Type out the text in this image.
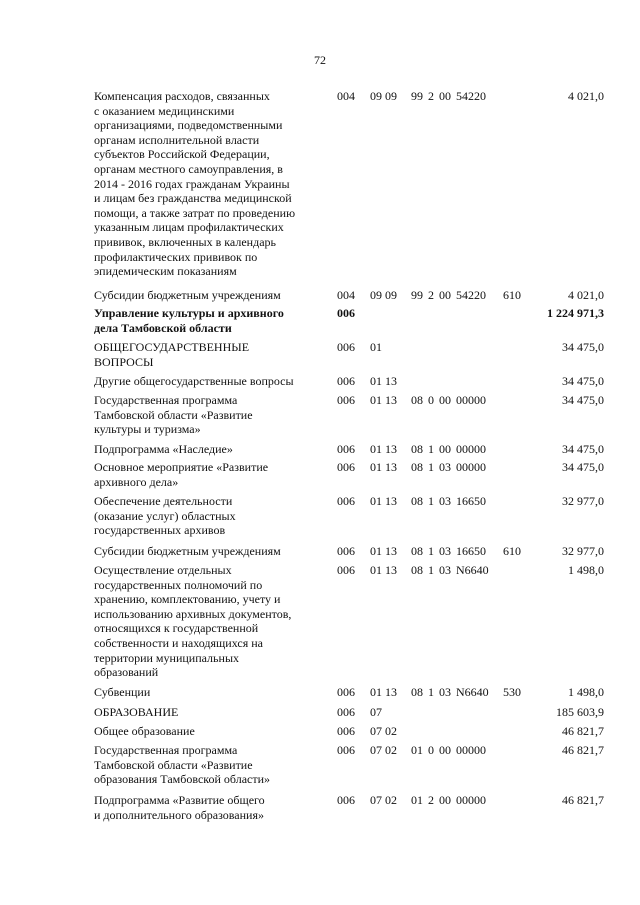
72
Компенсация расходов, связанных
с оказанием медицинскими
организациями, подведомственными
органам исполнительной власти
субъектов Российской Федерации,
органам местного самоуправления, в
2014 - 2016 годах гражданам Украины
и лицам без гражданства медицинской
помощи, а также затрат по проведению
указанным лицам профилактических
прививок, включенных в календарь
профилактических прививок по
эпидемическим показаниям
004 09 09 99 2 00 54220	4 021,0
Субсидии бюджетным учреждениям	004 09 09 99 2 00 54220 610	4 021,0
Управление культуры и архивного
дела Тамбовской области
006	1 224 971,3
ОБЩЕГОСУДАРСТВЕННЫЕ
ВОПРОСЫ
006 01	34 475,0
Другие общегосударственные вопросы	006 01 13	34 475,0
Государственная программа
Тамбовской области «Развитие
культуры и туризма»
006 01 13 08 0 00 00000	34 475,0
Подпрограмма «Наследие»	006 01 13 08 1 00 00000	34 475,0
Основное мероприятие «Развитие
архивного дела»
006 01 13 08 1 03 00000	34 475,0
Обеспечение деятельности
(оказание услуг) областных
государственных архивов
006 01 13 08 1 03 16650	32 977,0
Субсидии бюджетным учреждениям	006 01 13 08 1 03 16650 610	32 977,0
Осуществление отдельных
государственных полномочий по
хранению, комплектованию, учету и
использованию архивных документов,
относящихся к государственной
собственности и находящихся на
территории муниципальных
образований
006 01 13 08 1 03 N6640	1 498,0
Субвенции	006 01 13 08 1 03 N6640 530	1 498,0
ОБРАЗОВАНИЕ	006 07	185 603,9
Общее образование	006 07 02	46 821,7
Государственная программа
Тамбовской области «Развитие
образования Тамбовской области»
006 07 02 01 0 00 00000	46 821,7
Подпрограмма «Развитие общего
и дополнительного образования»
006 07 02 01 2 00 00000	46 821,7
